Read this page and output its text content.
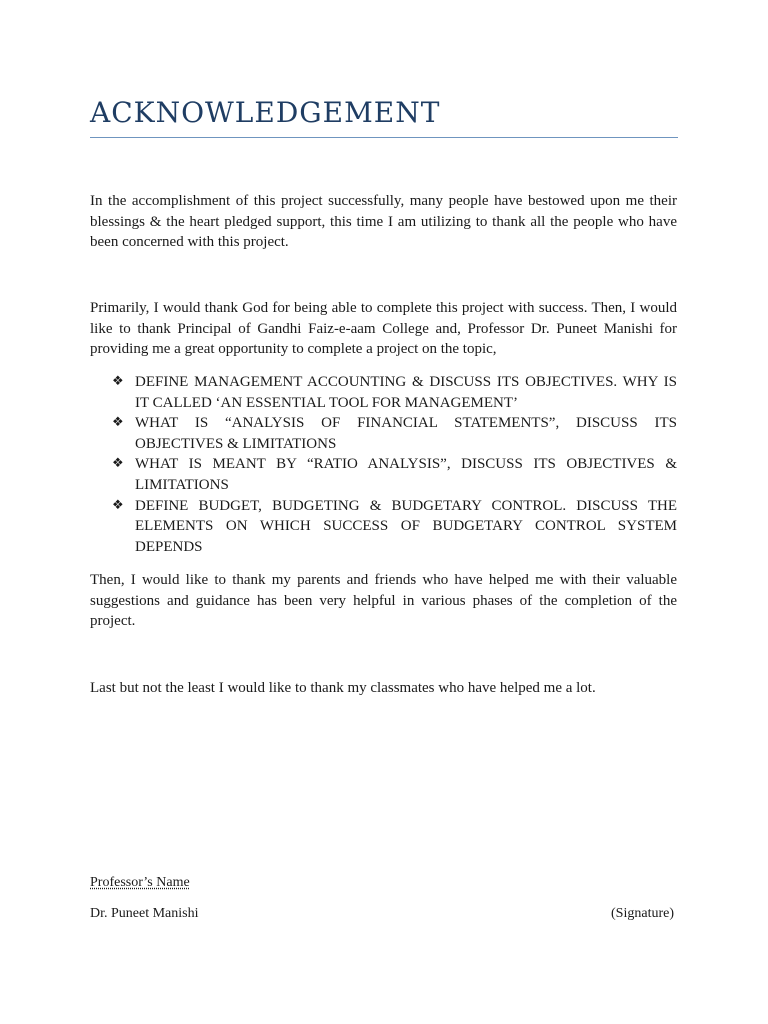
ACKNOWLEDGEMENT

In the accomplishment of this project successfully, many people have bestowed upon me their blessings & the heart pledged support, this time I am utilizing to thank all the people who have been concerned with this project.

Primarily, I would thank God for being able to complete this project with success. Then, I would like to thank Principal of Gandhi Faiz-e-aam College and, Professor Dr. Puneet Manishi for providing me a great opportunity to complete a project on the topic,

❖ DEFINE MANAGEMENT ACCOUNTING & DISCUSS ITS OBJECTIVES. WHY IS IT CALLED ‘AN ESSENTIAL TOOL FOR MANAGEMENT’
❖ WHAT IS “ANALYSIS OF FINANCIAL STATEMENTS”, DISCUSS ITS OBJECTIVES & LIMITATIONS
❖ WHAT IS MEANT BY “RATIO ANALYSIS”, DISCUSS ITS OBJECTIVES & LIMITATIONS
❖ DEFINE BUDGET, BUDGETING & BUDGETARY CONTROL. DISCUSS THE ELEMENTS ON WHICH SUCCESS OF BUDGETARY CONTROL SYSTEM DEPENDS

Then, I would like to thank my parents and friends who have helped me with their valuable suggestions and guidance has been very helpful in various phases of the completion of the project.

Last but not the least I would like to thank my classmates who have helped me a lot.

Professor’s Name
Dr. Puneet Manishi	(Signature)
